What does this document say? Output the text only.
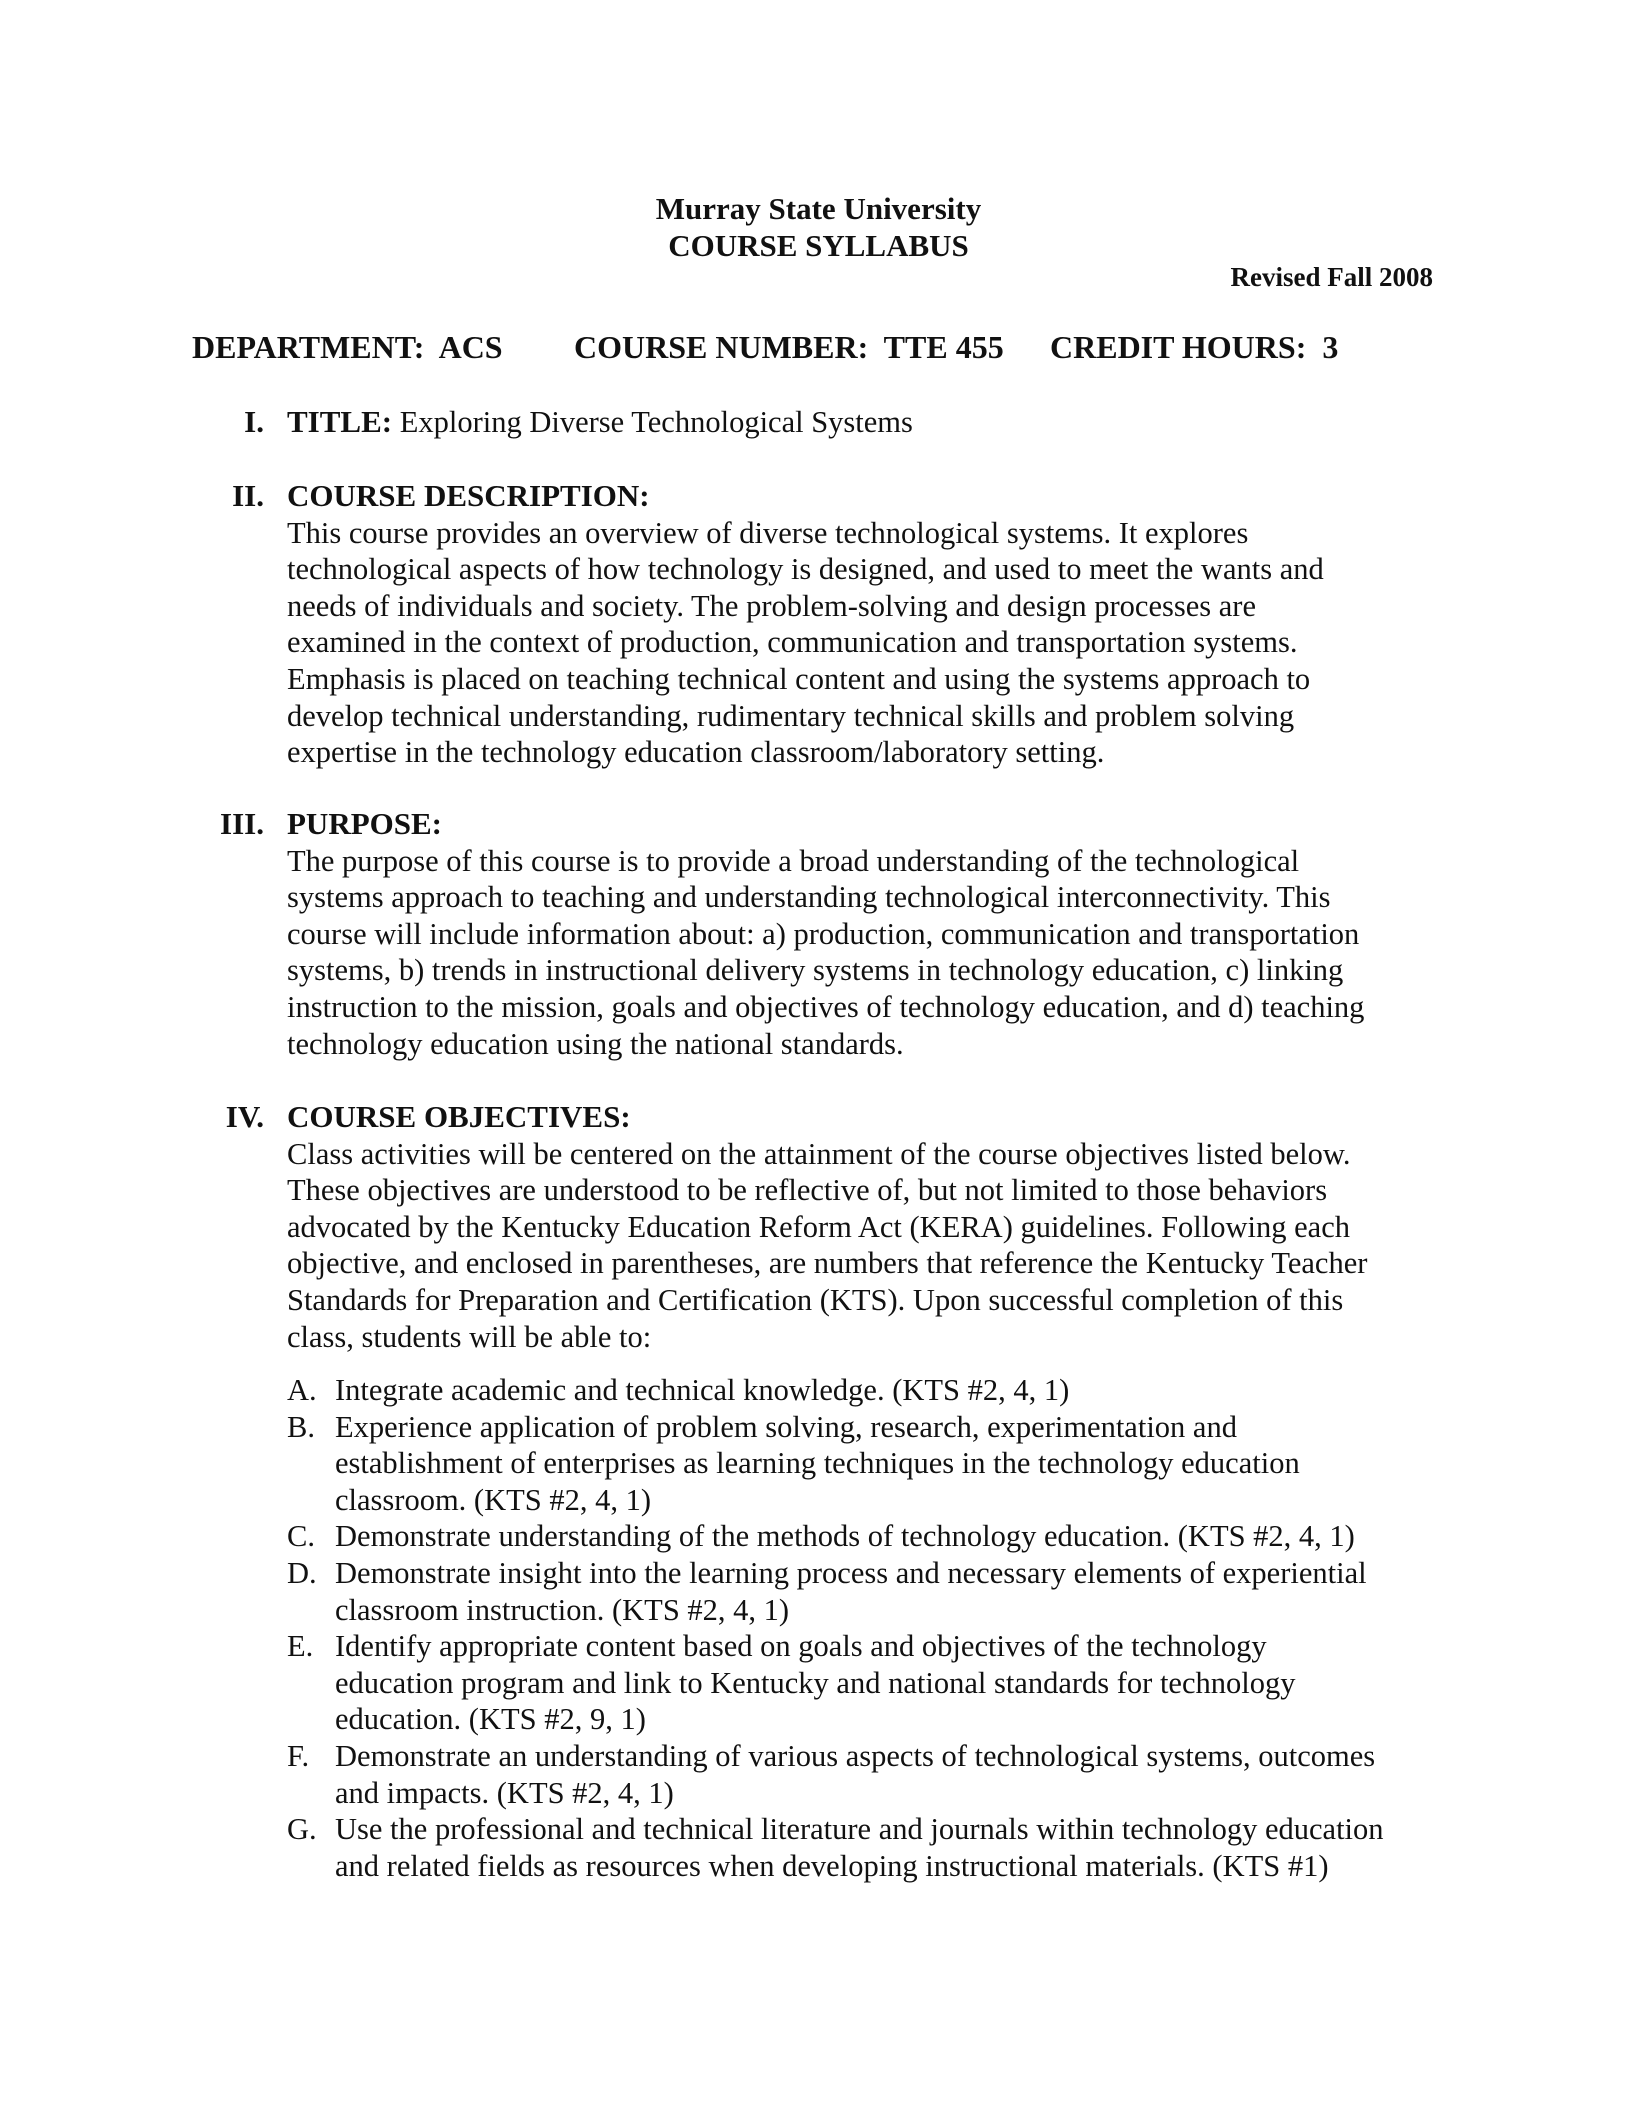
Murray State University
COURSE SYLLABUS
Revised Fall 2008
DEPARTMENT:  ACS	COURSE NUMBER:  TTE 455	CREDIT HOURS:  3
I. TITLE: Exploring Diverse Technological Systems
II. COURSE DESCRIPTION:
This course provides an overview of diverse technological systems. It explores
technological aspects of how technology is designed, and used to meet the wants and
needs of individuals and society. The problem-solving and design processes are
examined in the context of production, communication and transportation systems.
Emphasis is placed on teaching technical content and using the systems approach to
develop technical understanding, rudimentary technical skills and problem solving
expertise in the technology education classroom/laboratory setting.
III. PURPOSE:
The purpose of this course is to provide a broad understanding of the technological
systems approach to teaching and understanding technological interconnectivity. This
course will include information about: a) production, communication and transportation
systems, b) trends in instructional delivery systems in technology education, c) linking
instruction to the mission, goals and objectives of technology education, and d) teaching
technology education using the national standards.
IV. COURSE OBJECTIVES:
Class activities will be centered on the attainment of the course objectives listed below.
These objectives are understood to be reflective of, but not limited to those behaviors
advocated by the Kentucky Education Reform Act (KERA) guidelines. Following each
objective, and enclosed in parentheses, are numbers that reference the Kentucky Teacher
Standards for Preparation and Certification (KTS). Upon successful completion of this
class, students will be able to:
A. Integrate academic and technical knowledge. (KTS #2, 4, 1)
B. Experience application of problem solving, research, experimentation and
establishment of enterprises as learning techniques in the technology education
classroom. (KTS #2, 4, 1)
C. Demonstrate understanding of the methods of technology education. (KTS #2, 4, 1)
D. Demonstrate insight into the learning process and necessary elements of experiential
classroom instruction. (KTS #2, 4, 1)
E. Identify appropriate content based on goals and objectives of the technology
education program and link to Kentucky and national standards for technology
education. (KTS #2, 9, 1)
F. Demonstrate an understanding of various aspects of technological systems, outcomes
and impacts. (KTS #2, 4, 1)
G. Use the professional and technical literature and journals within technology education
and related fields as resources when developing instructional materials. (KTS #1)
